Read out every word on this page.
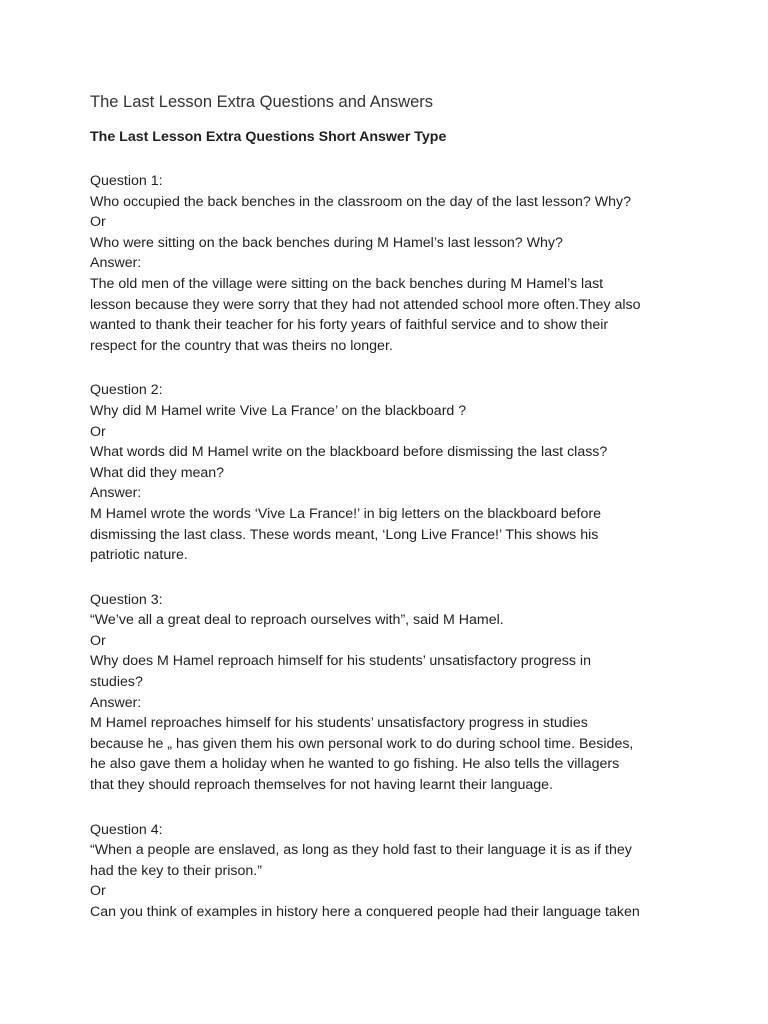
The Last Lesson Extra Questions and Answers
The Last Lesson Extra Questions Short Answer Type

Question 1:

Who occupied the back benches in the classroom on the day of the last lesson? Why?

Or

Who were sitting on the back benches during M Hamel’s last lesson? Why?

Answer:

The old men of the village were sitting on the back benches during M Hamel’s last

lesson because they were sorry that they had not attended school more often.They also

wanted to thank their teacher for his forty years of faithful service and to show their

respect for the country that was theirs no longer.

Question 2:

Why did M Hamel write Vive La France’ on the blackboard ?

Or

What words did M Hamel write on the blackboard before dismissing the last class?

What did they mean?

Answer:

M Hamel wrote the words ‘Vive La France!’ in big letters on the blackboard before

dismissing the last class. These words meant, ‘Long Live France!’ This shows his

patriotic nature.

Question 3:

“We’ve all a great deal to reproach ourselves with”, said M Hamel.

Or

Why does M Hamel reproach himself for his students’ unsatisfactory progress in

studies?

Answer:

M Hamel reproaches himself for his students’ unsatisfactory progress in studies

because he „ has given them his own personal work to do during school time. Besides,

he also gave them a holiday when he wanted to go fishing. He also tells the villagers

that they should reproach themselves for not having learnt their language.

Question 4:

“When a people are enslaved, as long as they hold fast to their language it is as if they

had the key to their prison.”

Or

Can you think of examples in history here a conquered people had their language taken
